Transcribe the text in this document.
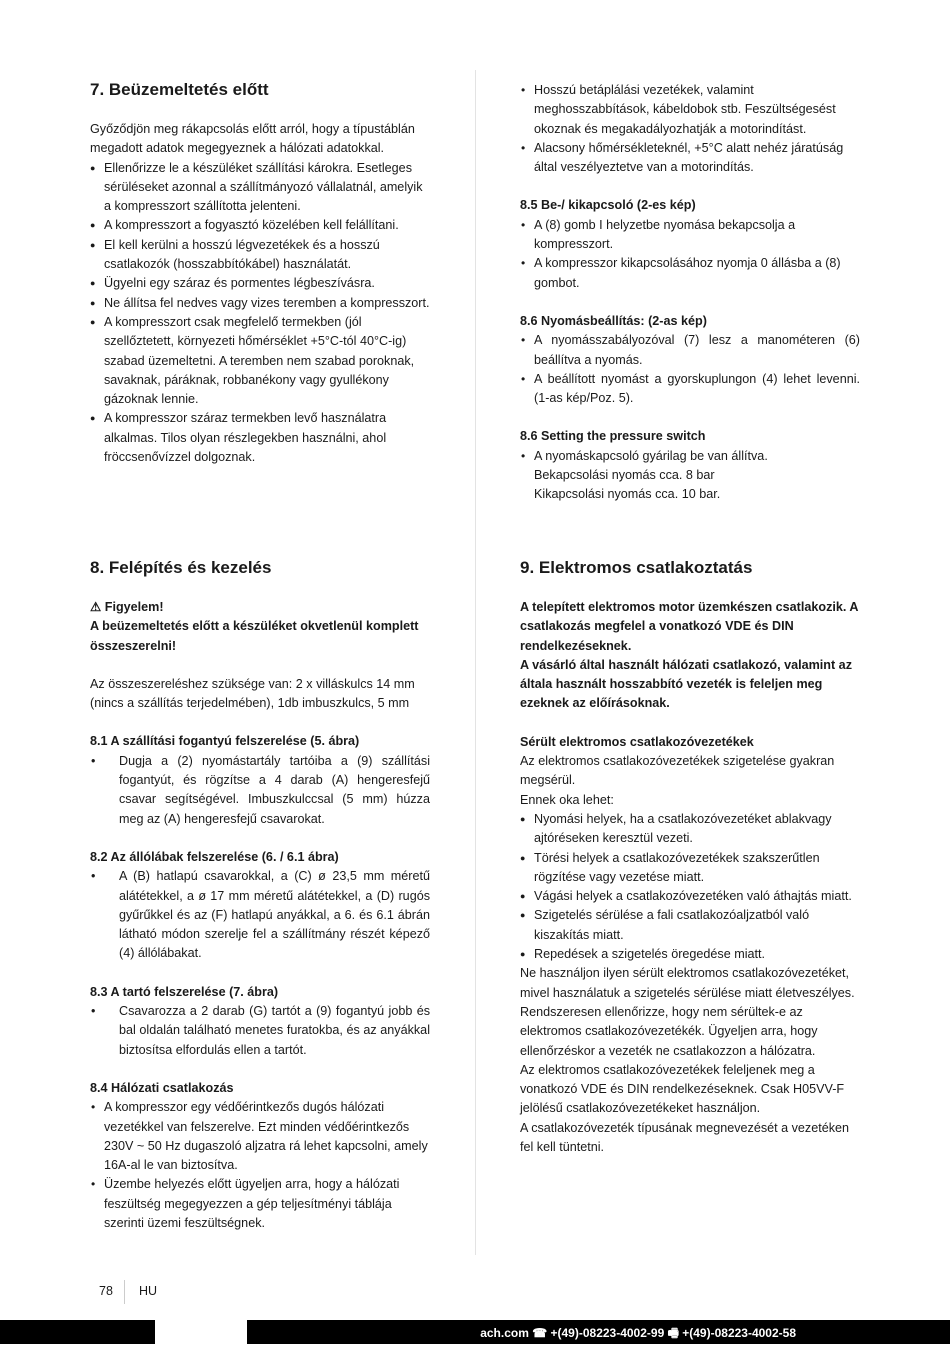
7. Beüzemeltetés előtt

Győződjön meg rákapcsolás előtt arról, hogy a típustáblán megadott adatok megegyeznek a hálózati adatokkal.

● Ellenőrizze le a készüléket szállítási károkra. Esetleges sérüléseket azonnal a szállítmányozó vállalatnál, amelyik a kompresszort szállította jelenteni.
● A kompresszort a fogyasztó közelében kell felállítani.
● El kell kerülni a hosszú légvezetékek és a hosszú csatlakozók (hosszabbítókábel) használatát.
● Ügyelni egy száraz és pormentes légbeszívásra.
● Ne állítsa fel nedves vagy vizes teremben a kompresszort.
● A kompresszort csak megfelelő termekben (jól szellőztetett, környezeti hőmérséklet +5°C-tól 40°C-ig) szabad üzemeltetni. A teremben nem szabad poroknak, savaknak, páráknak, robbanékony vagy gyullékony gázoknak lennie.
● A kompresszor száraz termekben levő használatra alkalmas. Tilos olyan részlegekben használni, ahol fröccsenővízzel dolgoznak.
• Hosszú betáplálási vezetékek, valamint meghosszabbítások, kábeldobok stb. Feszültségesést okoznak és megakadályozhatják a motorindítást.
• Alacsony hőmérsékleteknél, +5°C alatt nehéz járatúság által veszélyeztetve van a motorindítás.

8.5 Be-/ kikapcsoló (2-es kép)

• A (8) gomb I helyzetbe nyomása bekapcsolja a kompresszort.
• A kompresszor kikapcsolásához nyomja 0 állásba a (8) gombot.

8.6 Nyomásbeállítás: (2-as kép)

• A nyomásszabályozóval (7) lesz a manométeren (6) beállítva a nyomás.
• A beállított nyomást a gyorskuplungon (4) lehet levenni. (1-as kép/Poz. 5).

8.6 Setting the pressure switch

• A nyomáskapcsoló gyárilag be van állítva.
Bekapcsolási nyomás cca. 8 bar
Kikapcsolási nyomás cca. 10 bar.
8. Felépítés és kezelés

⚠ Figyelem!

A beüzemeltetés előtt a készüléket okvetlenül komplett összeszerelni!

Az összeszereléshez szüksége van: 2 x villáskulcs 14 mm (nincs a szállítás terjedelmében), 1db imbuszkulcs, 5 mm

8.1 A szállítási fogantyú felszerelése (5. ábra)

• Dugja a (2) nyomástartály tartóiba a (9) szállítási fogantyút, és rögzítse a 4 darab (A) hengeresfejű csavar segítségével. Imbuszkulccsal (5 mm) húzza meg az (A) hengeresfejű csavarokat.

8.2 Az állólábak felszerelése (6. / 6.1 ábra)

• A (B) hatlapú csavarokkal, a (C) ø 23,5 mm méretű alátétekkel, a ø 17 mm méretű alátétekkel, a (D) rugós gyűrűkkel és az (F) hatlapú anyákkal, a 6. és 6.1 ábrán látható módon szerelje fel a szállítmány részét képező (4) állólábakat.

8.3 A tartó felszerelése (7. ábra)

• Csavarozza a 2 darab (G) tartót a (9) fogantyú jobb és bal oldalán található menetes furatokba, és az anyákkal biztosítsa elfordulás ellen a tartót.

8.4 Hálózati csatlakozás

• A kompresszor egy védőérintkezős dugós hálózati vezetékkel van felszerelve. Ezt minden védőérintkezős 230V ~ 50 Hz dugaszoló aljzatra rá lehet kapcsolni, amely 16A-al le van biztosítva.
• Üzembe helyezés előtt ügyeljen arra, hogy a hálózati feszültség megegyezzen a gép teljesítményi táblája szerinti üzemi feszültségnek.
9. Elektromos csatlakoztatás

A telepített elektromos motor üzemkészen csatlakozik. A csatlakozás megfelel a vonatkozó VDE és DIN rendelkezéseknek.

A vásárló által használt hálózati csatlakozó, valamint az általa használt hosszabbító vezeték is feleljen meg ezeknek az előírásoknak.

Sérült elektromos csatlakozóvezetékek

Az elektromos csatlakozóvezetékek szigetelése gyakran megsérül.

Ennek oka lehet:

● Nyomási helyek, ha a csatlakozóvezetéket ablakvagy ajtóréseken keresztül vezeti.
● Törési helyek a csatlakozóvezetékek szakszerűtlen rögzítése vagy vezetése miatt.
● Vágási helyek a csatlakozóvezetéken való áthajtás miatt.
● Szigetelés sérülése a fali csatlakozóaljzatból való kiszakítás miatt.
● Repedések a szigetelés öregedése miatt.

Ne használjon ilyen sérült elektromos csatlakozóvezetéket, mivel használatuk a szigetelés sérülése miatt életveszélyes.

Rendszeresen ellenőrizze, hogy nem sérültek-e az elektromos csatlakozóvezetékék. Ügyeljen arra, hogy ellenőrzéskor a vezeték ne csatlakozzon a hálózatra.

Az elektromos csatlakozóvezetékek feleljenek meg a vonatkozó VDE és DIN rendelkezéseknek. Csak H05VV-F jelölésű csatlakozóvezetékeket használjon.

A csatlakozóvezeték típusának megnevezését a vezetéken fel kell tüntetni.

78 HU
ach.com ☎ +(49)-08223-4002-99 🖷 +(49)-08223-4002-58
